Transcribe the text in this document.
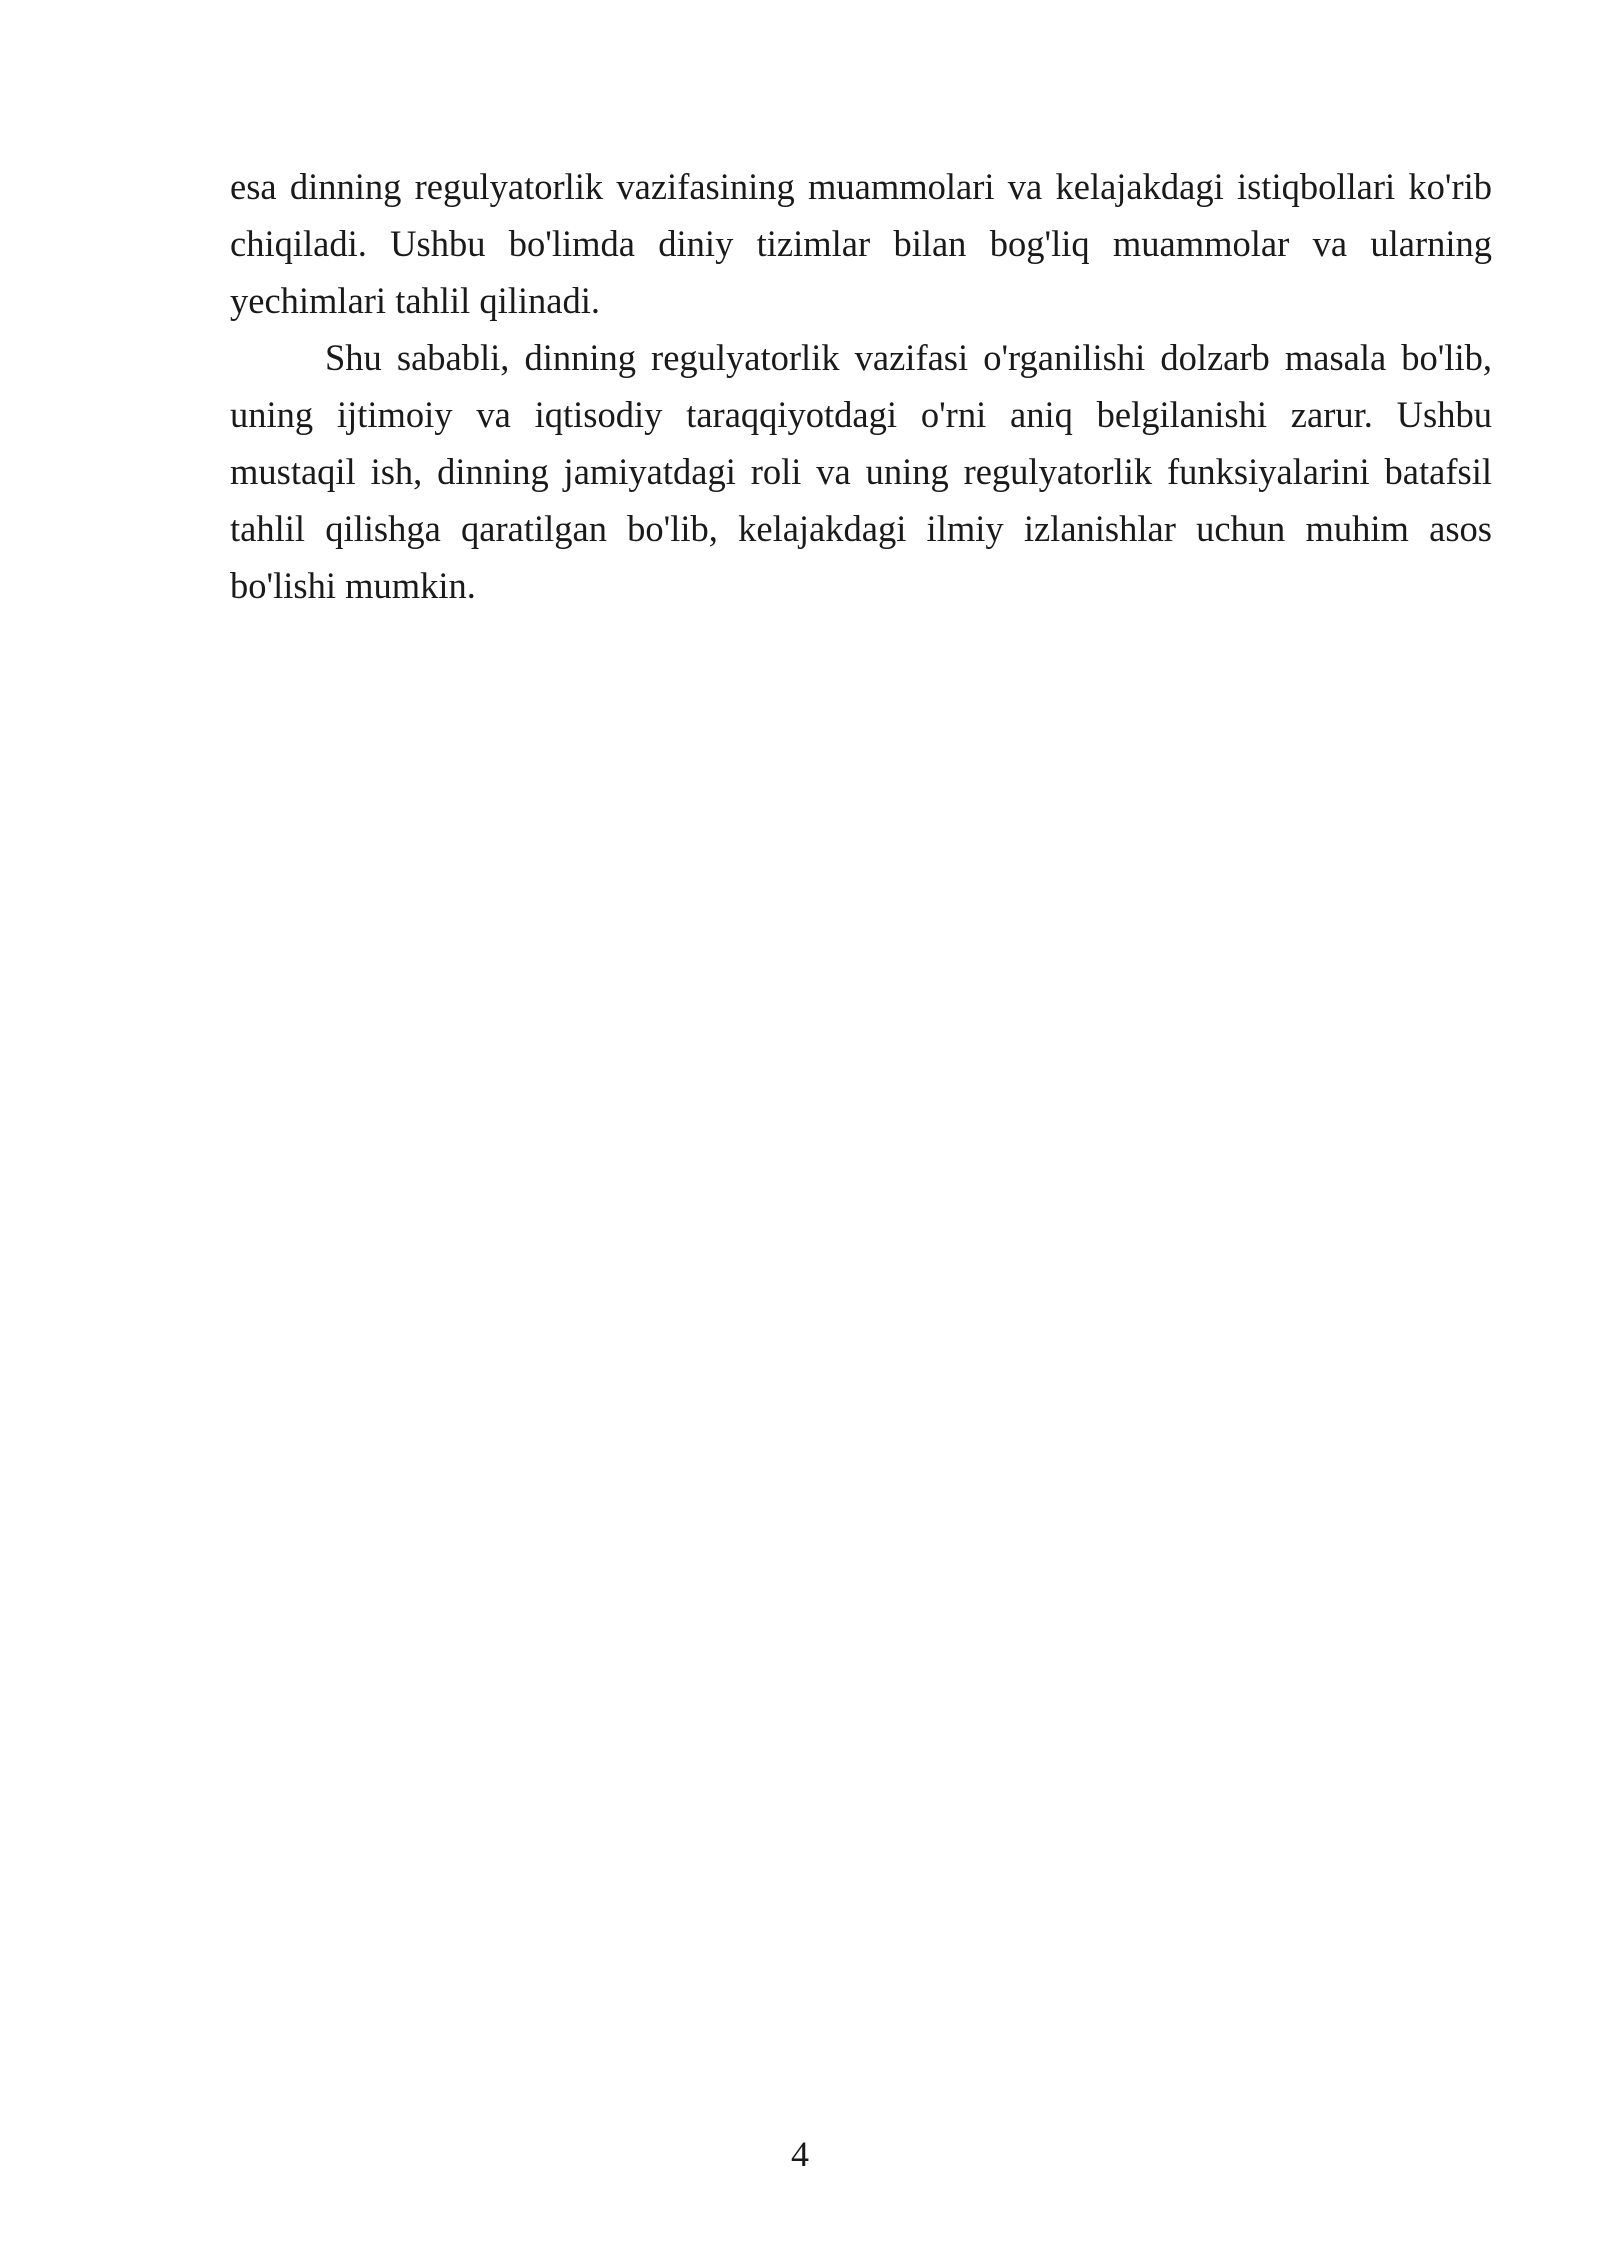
esa dinning regulyatorlik vazifasining muammolari va kelajakdagi istiqbollari ko'rib chiqiladi. Ushbu bo'limda diniy tizimlar bilan bog'liq muammolar va ularning yechimlari tahlil qilinadi.

Shu sababli, dinning regulyatorlik vazifasi o'rganilishi dolzarb masala bo'lib, uning ijtimoiy va iqtisodiy taraqqiyotdagi o'rni aniq belgilanishi zarur. Ushbu mustaqil ish, dinning jamiyatdagi roli va uning regulyatorlik funksiyalarini batafsil tahlil qilishga qaratilgan bo'lib, kelajakdagi ilmiy izlanishlar uchun muhim asos bo'lishi mumkin.

4
